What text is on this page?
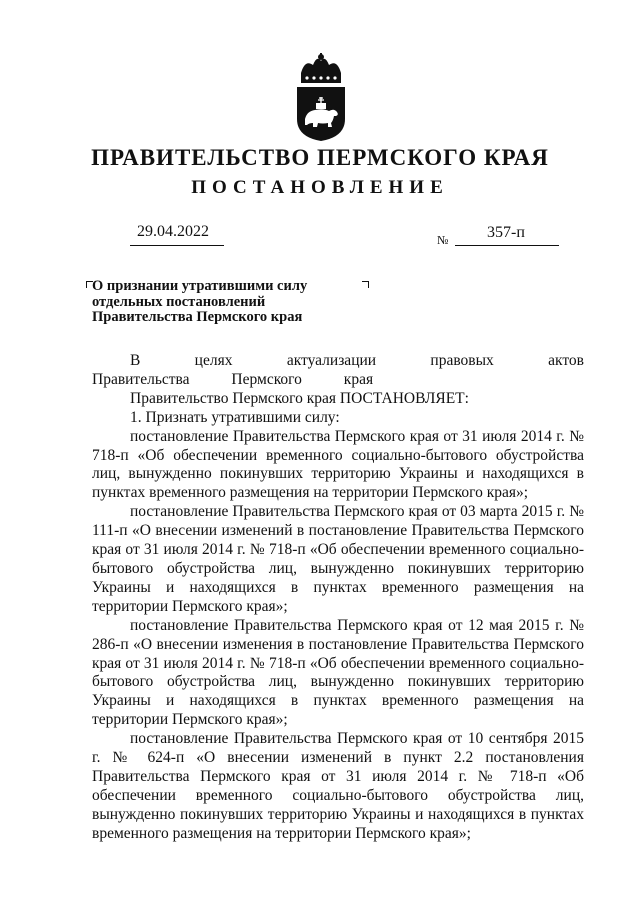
ПРАВИТЕЛЬСТВО ПЕРМСКОГО КРАЯ
ПОСТАНОВЛЕНИЕ
29.04.2022	№ 357-п
О признании утратившими силу
отдельных постановлений
Правительства Пермского края

В целях актуализации правовых актов Правительства Пермского края

Правительство Пермского края ПОСТАНОВЛЯЕТ:

1. Признать утратившими силу:

постановление Правительства Пермского края от 31 июля 2014 г. № 718-п «Об обеспечении временного социально-бытового обустройства лиц, вынужденно покинувших территорию Украины и находящихся в пунктах временного размещения на территории Пермского края»;

постановление Правительства Пермского края от 03 марта 2015 г. № 111-п «О внесении изменений в постановление Правительства Пермского края от 31 июля 2014 г. № 718-п «Об обеспечении временного социально-бытового обустройства лиц, вынужденно покинувших территорию Украины и находящихся в пунктах временного размещения на территории Пермского края»;

постановление Правительства Пермского края от 12 мая 2015 г. № 286-п «О внесении изменения в постановление Правительства Пермского края от 31 июля 2014 г. № 718-п «Об обеспечении временного социально-бытового обустройства лиц, вынужденно покинувших территорию Украины и находящихся в пунктах временного размещения на территории Пермского края»;

постановление Правительства Пермского края от 10 сентября 2015 г. № 624-п «О внесении изменений в пункт 2.2 постановления Правительства Пермского края от 31 июля 2014 г. № 718-п «Об обеспечении временного социально-бытового обустройства лиц, вынужденно покинувших территорию Украины и находящихся в пунктах временного размещения на территории Пермского края»;
